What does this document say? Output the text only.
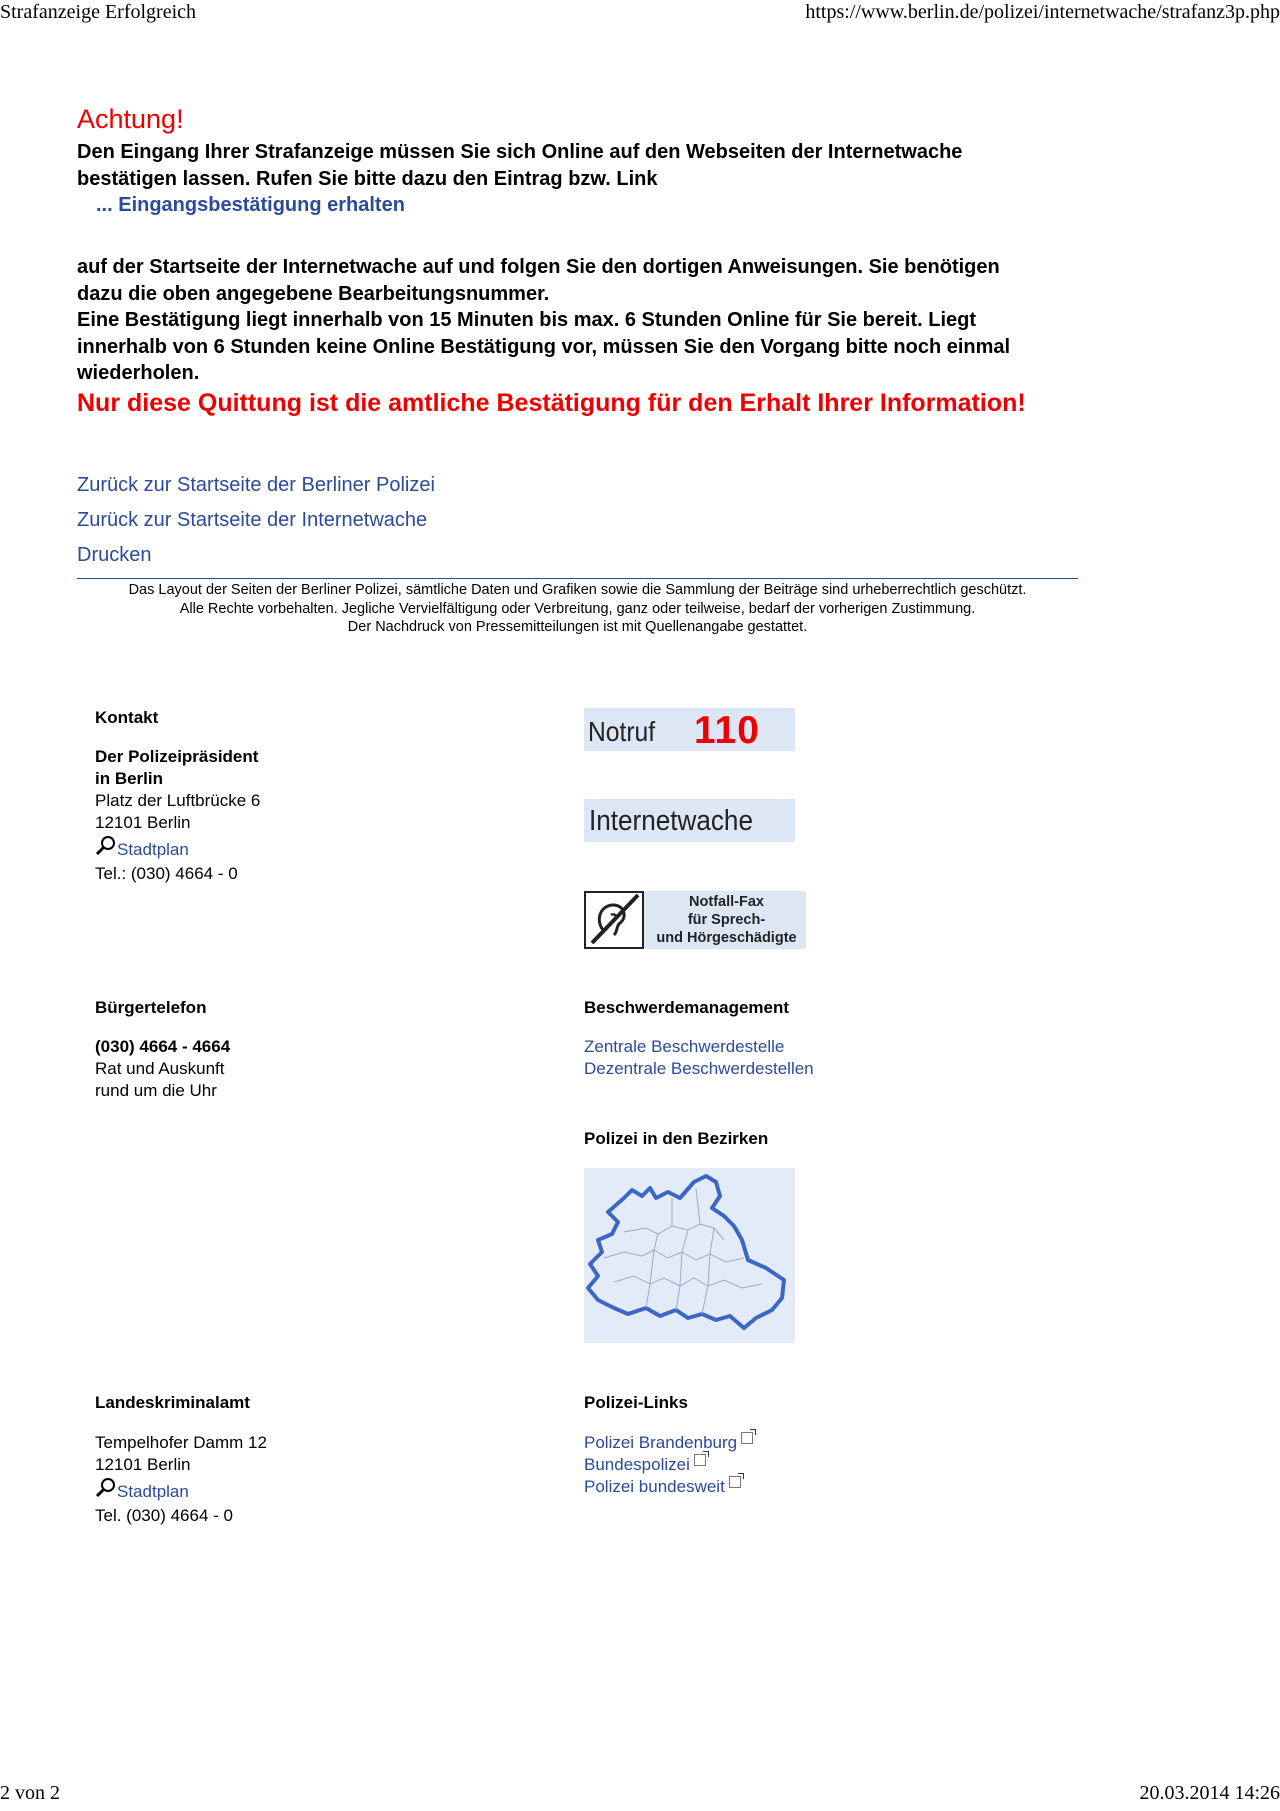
Strafanzeige Erfolgreich	https://www.berlin.de/polizei/internetwache/strafanz3p.php
Achtung!
Den Eingang Ihrer Strafanzeige müssen Sie sich Online auf den Webseiten der Internetwache
bestätigen lassen. Rufen Sie bitte dazu den Eintrag bzw. Link
... Eingangsbestätigung erhalten
auf der Startseite der Internetwache auf und folgen Sie den dortigen Anweisungen. Sie benötigen
dazu die oben angegebene Bearbeitungsnummer.
Eine Bestätigung liegt innerhalb von 15 Minuten bis max. 6 Stunden Online für Sie bereit. Liegt
innerhalb von 6 Stunden keine Online Bestätigung vor, müssen Sie den Vorgang bitte noch einmal
wiederholen.
Nur diese Quittung ist die amtliche Bestätigung für den Erhalt Ihrer Information!
Zurück zur Startseite der Berliner Polizei
Zurück zur Startseite der Internetwache
Drucken
Das Layout der Seiten der Berliner Polizei, sämtliche Daten und Grafiken sowie die Sammlung der Beiträge sind urheberrechtlich geschützt.
Alle Rechte vorbehalten. Jegliche Vervielfältigung oder Verbreitung, ganz oder teilweise, bedarf der vorherigen Zustimmung.
Der Nachdruck von Pressemitteilungen ist mit Quellenangabe gestattet.
Kontakt
Der Polizeipräsident
in Berlin
Platz der Luftbrücke 6
12101 Berlin
Stadtplan
Tel.: (030) 4664 - 0
Notruf 110
Internetwache
Notfall-Fax
für Sprech-
und Hörgeschädigte
Bürgertelefon
(030) 4664 - 4664
Rat und Auskunft
rund um die Uhr
Beschwerdemanagement
Zentrale Beschwerdestelle
Dezentrale Beschwerdestellen
Polizei in den Bezirken
Landeskriminalamt
Tempelhofer Damm 12
12101 Berlin
Stadtplan
Tel. (030) 4664 - 0
Polizei-Links
Polizei Brandenburg
Bundespolizei
Polizei bundesweit
2 von 2	20.03.2014 14:26
